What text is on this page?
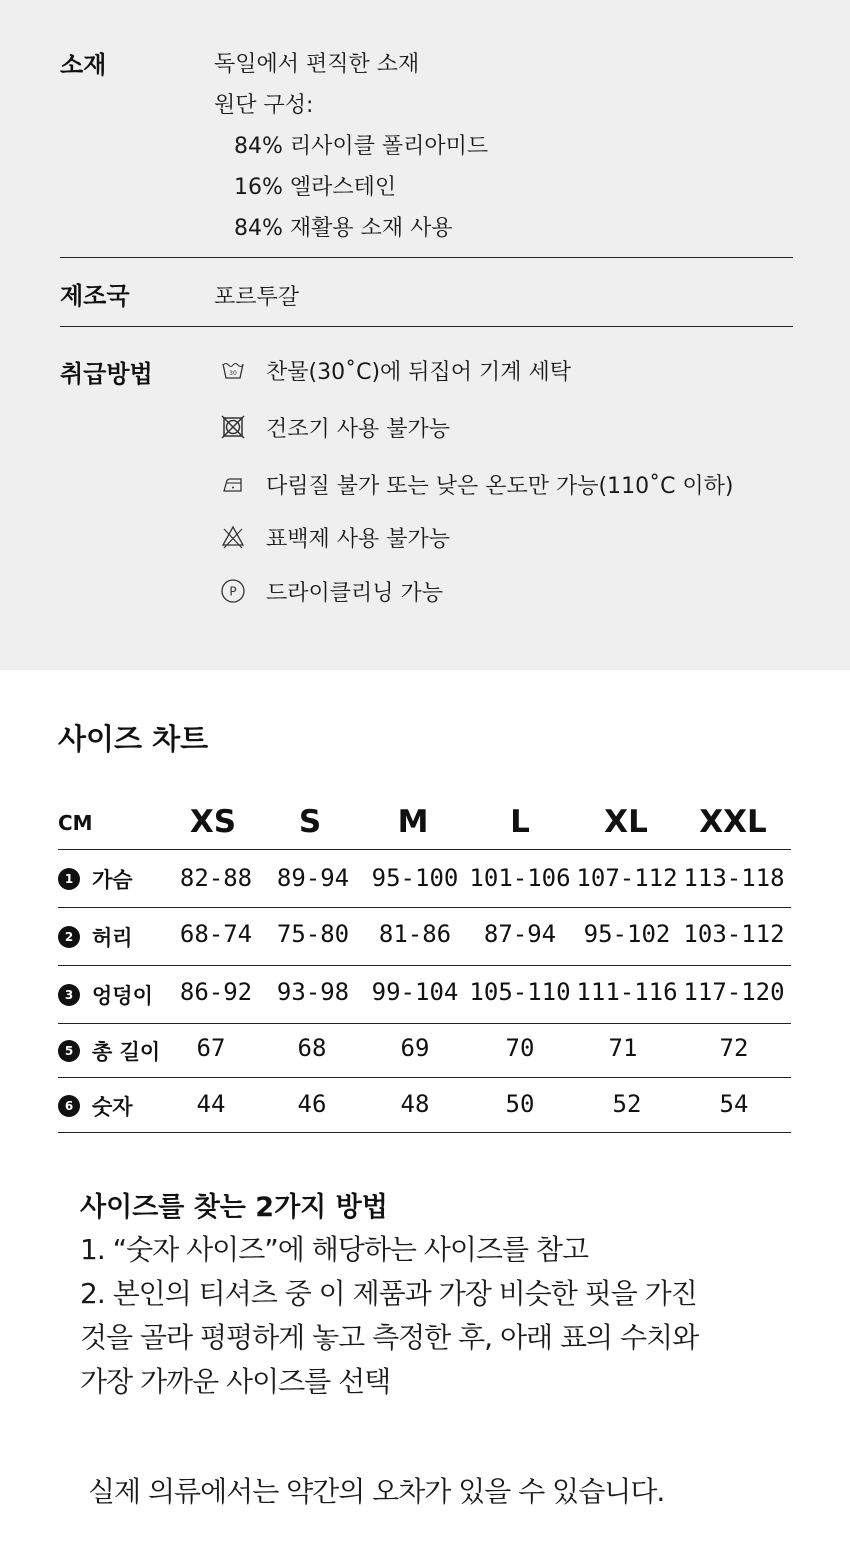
소재	독일에서 편직한 소재
원단 구성:
84% 리사이클 폴리아미드
16% 엘라스테인
84% 재활용 소재 사용
제조국	포르투갈
취급방법	30 찬물(30˚C)에 뒤집어 기계 세탁
건조기 사용 불가능
다림질 불가 또는 낮은 온도만 가능(110˚C 이하)
표백제 사용 불가능
P 드라이클리닝 가능
사이즈 차트
CM	XS	S	M	L	XL	XXL
1 가슴	82-88	89-94 95-100 101-106 107-112 113-118
2 허리	68-74	75-80	81-86	87-94	95-102 103-112
3 엉덩이	86-92	93-98 99-104 105-110 111-116 117-120
5 총 길이	67	68	69	70	71	72
6 숫자	44	46	48	50	52	54
사이즈를 찾는 2가지 방법
1. “숫자 사이즈”에 해당하는 사이즈를 참고
2. 본인의 티셔츠 중 이 제품과 가장 비슷한 핏을 가진
것을 골라 평평하게 놓고 측정한 후, 아래 표의 수치와
가장 가까운 사이즈를 선택
실제 의류에서는 약간의 오차가 있을 수 있습니다.
